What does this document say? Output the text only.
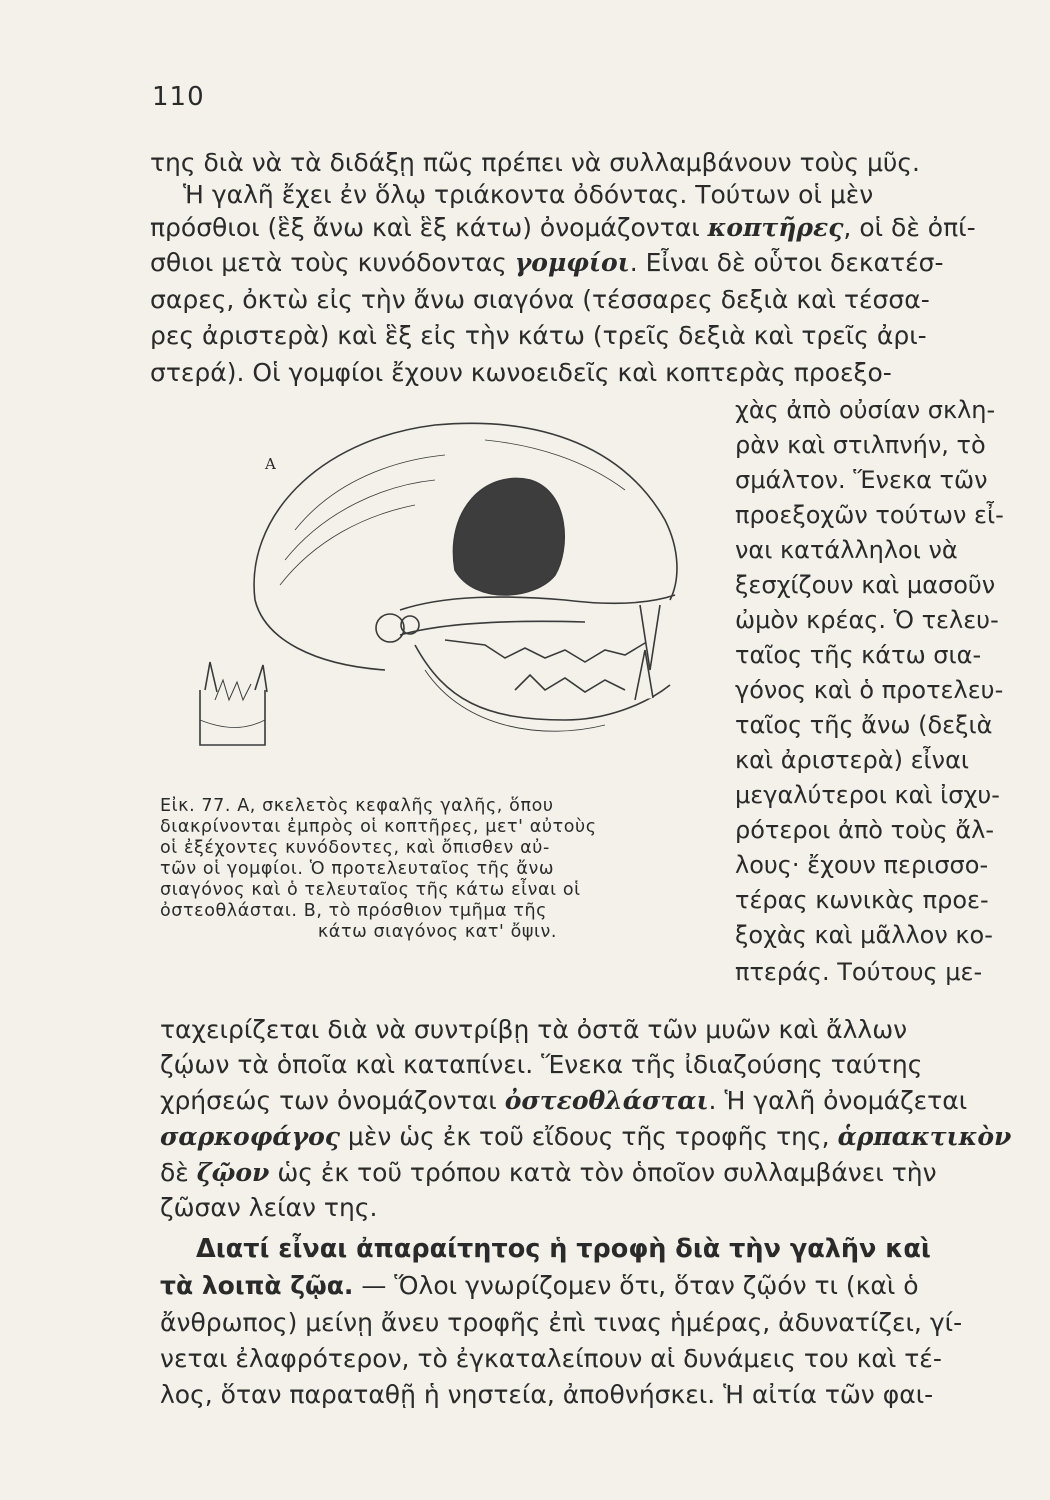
110
της διὰ νὰ τὰ διδάξῃ πῶς πρέπει νὰ συλλαμβάνουν τοὺς μῦς.
Ἡ γαλῆ ἔχει ἐν ὅλῳ τριάκοντα ὀδόντας. Τούτων οἱ μὲν
πρόσθιοι (ἓξ ἄνω καὶ ἓξ κάτω) ὀνομάζονται κοπτῆρες, οἱ δὲ ὀπί-
σθιοι μετὰ τοὺς κυνόδοντας γομφίοι. Εἶναι δὲ οὗτοι δεκατέσ-
σαρες, ὀκτὼ εἰς τὴν ἄνω σιαγόνα (τέσσαρες δεξιὰ καὶ τέσσα-
ρες ἀριστερὰ) καὶ ἓξ εἰς τὴν κάτω (τρεῖς δεξιὰ καὶ τρεῖς ἀρι-
στερά). Οἱ γομφίοι ἔχουν κωνοειδεῖς καὶ κοπτερὰς προεξο-
χὰς ἀπὸ οὐσίαν σκλη-
ρὰν καὶ στιλπνήν, τὸ
σμάλτον. Ἕνεκα τῶν
προεξοχῶν τούτων εἶ-
ναι κατάλληλοι νὰ
ξεσχίζουν καὶ μασοῦν
ὠμὸν κρέας. Ὁ τελευ-
ταῖος τῆς κάτω σια-
γόνος καὶ ὁ προτελευ-
ταῖος τῆς ἄνω (δεξιὰ
καὶ ἀριστερὰ) εἶναι
μεγαλύτεροι καὶ ἰσχυ-
ρότεροι ἀπὸ τοὺς ἄλ-
λους· ἔχουν περισσο-
τέρας κωνικὰς προε-
ξοχὰς καὶ μᾶλλον κο-
πτεράς. Τούτους με-
A
Εἰκ. 77. Α, σκελετὸς κεφαλῆς γαλῆς, ὅπου
διακρίνονται ἐμπρὸς οἱ κοπτῆρες, μετ' αὐτοὺς
οἱ ἐξέχοντες κυνόδοντες, καὶ ὄπισθεν αὐ-
τῶν οἱ γομφίοι. Ὁ προτελευταῖος τῆς ἄνω
σιαγόνος καὶ ὁ τελευταῖος τῆς κάτω εἶναι οἱ
ὀστεοθλάσται. Β, τὸ πρόσθιον τμῆμα τῆς
κάτω σιαγόνος κατ' ὄψιν.
ταχειρίζεται διὰ νὰ συντρίβῃ τὰ ὀστᾶ τῶν μυῶν καὶ ἄλλων
ζῴων τὰ ὁποῖα καὶ καταπίνει. Ἕνεκα τῆς ἰδιαζούσης ταύτης
χρήσεώς των ὀνομάζονται ὀστεοθλάσται. Ἡ γαλῆ ὀνομάζεται
σαρκοφάγος μὲν ὡς ἐκ τοῦ εἴδους τῆς τροφῆς της, ἁρπακτικὸν
δὲ ζῷον ὡς ἐκ τοῦ τρόπου κατὰ τὸν ὁποῖον συλλαμβάνει τὴν
ζῶσαν λείαν της.
Διατί εἶναι ἀπαραίτητος ἡ τροφὴ διὰ τὴν γαλῆν καὶ
τὰ λοιπὰ ζῷα. — Ὅλοι γνωρίζομεν ὅτι, ὅταν ζῷόν τι (καὶ ὁ
ἄνθρωπος) μείνῃ ἄνευ τροφῆς ἐπὶ τινας ἡμέρας, ἀδυνατίζει, γί-
νεται ἐλαφρότερον, τὸ ἐγκαταλείπουν αἱ δυνάμεις του καὶ τέ-
λος, ὅταν παραταθῇ ἡ νηστεία, ἀποθνήσκει. Ἡ αἰτία τῶν φαι-
